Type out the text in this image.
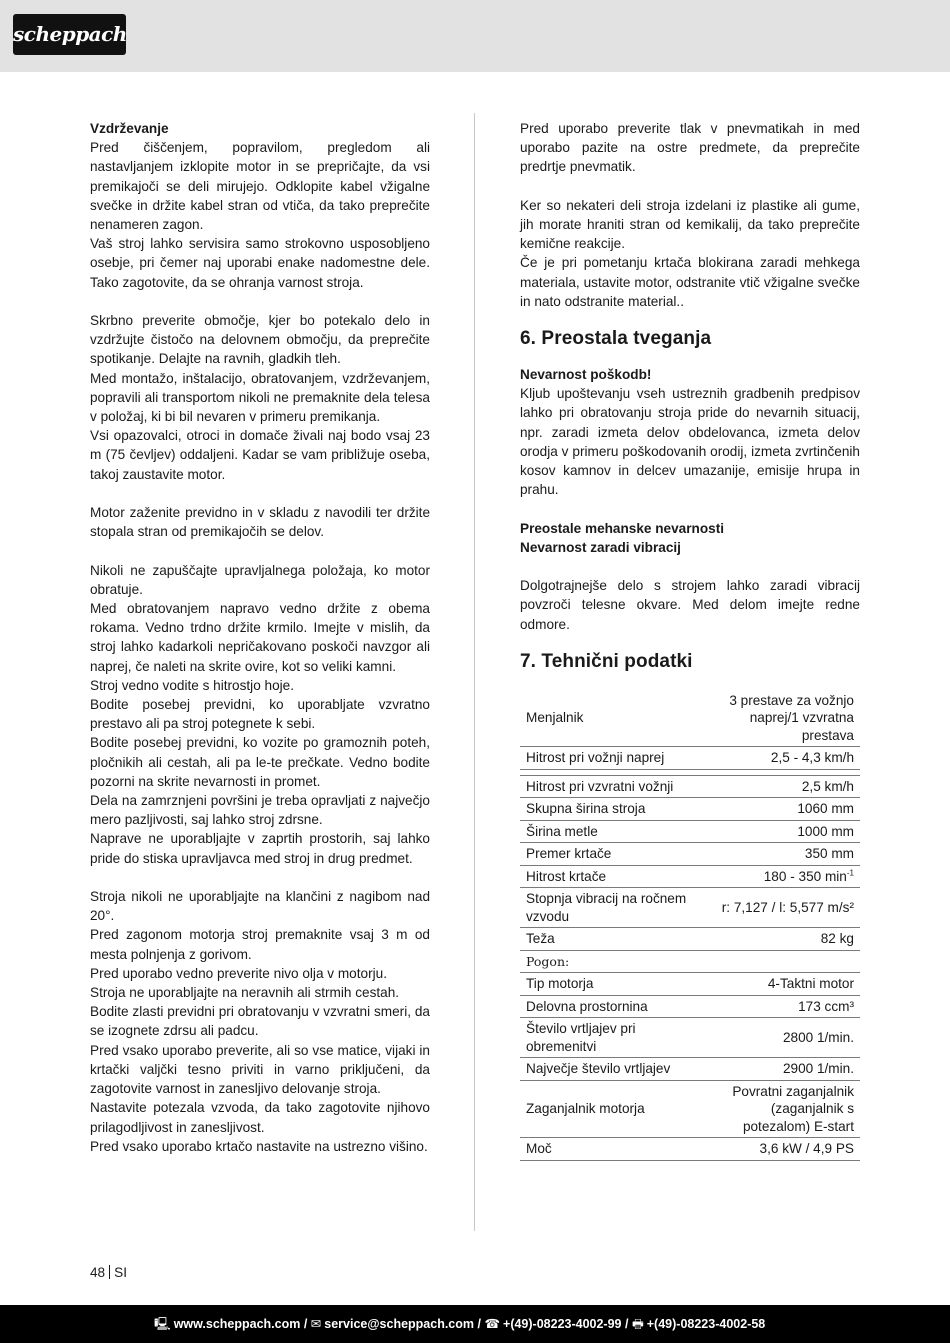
scheppach

Vzdrževanje

Pred čiščenjem, popravilom, pregledom ali nastavljanjem izklopite motor in se prepričajte, da vsi premikajoči se deli mirujejo. Odklopite kabel vžigalne svečke in držite kabel stran od vtiča, da tako preprečite nenameren zagon.

Vaš stroj lahko servisira samo strokovno usposobljeno osebje, pri čemer naj uporabi enake nadomestne dele. Tako zagotovite, da se ohranja varnost stroja.

Skrbno preverite območje, kjer bo potekalo delo in vzdržujte čistočo na delovnem območju, da preprečite spotikanje. Delajte na ravnih, gladkih tleh.

Med montažo, inštalacijo, obratovanjem, vzdrževanjem, popravili ali transportom nikoli ne premaknite dela telesa v položaj, ki bi bil nevaren v primeru premikanja.

Vsi opazovalci, otroci in domače živali naj bodo vsaj 23 m (75 čevljev) oddaljeni. Kadar se vam približuje oseba, takoj zaustavite motor.

Motor zaženite previdno in v skladu z navodili ter držite stopala stran od premikajočih se delov.

Nikoli ne zapuščajte upravljalnega položaja, ko motor obratuje.

Med obratovanjem napravo vedno držite z obema rokama. Vedno trdno držite krmilo. Imejte v mislih, da stroj lahko kadarkoli nepričakovano poskoči navzgor ali naprej, če naleti na skrite ovire, kot so veliki kamni.

Stroj vedno vodite s hitrostjo hoje.

Bodite posebej previdni, ko uporabljate vzvratno prestavo ali pa stroj potegnete k sebi.

Bodite posebej previdni, ko vozite po gramoznih poteh, pločnikih ali cestah, ali pa le-te prečkate. Vedno bodite pozorni na skrite nevarnosti in promet.

Dela na zamrznjeni površini je treba opravljati z največjo mero pazljivosti, saj lahko stroj zdrsne.

Naprave ne uporabljajte v zaprtih prostorih, saj lahko pride do stiska upravljavca med stroj in drug predmet.

Stroja nikoli ne uporabljajte na klančini z nagibom nad 20°.

Pred zagonom motorja stroj premaknite vsaj 3 m od mesta polnjenja z gorivom.

Pred uporabo vedno preverite nivo olja v motorju.

Stroja ne uporabljajte na neravnih ali strmih cestah.

Bodite zlasti previdni pri obratovanju v vzvratni smeri, da se izognete zdrsu ali padcu.

Pred vsako uporabo preverite, ali so vse matice, vijaki in krtački valjčki tesno priviti in varno priključeni, da zagotovite varnost in zanesljivo delovanje stroja.

Nastavite potezala vzvoda, da tako zagotovite njihovo prilagodljivost in zanesljivost.

Pred vsako uporabo krtačo nastavite na ustrezno višino.

Pred uporabo preverite tlak v pnevmatikah in med uporabo pazite na ostre predmete, da preprečite predrtje pnevmatik.

Ker so nekateri deli stroja izdelani iz plastike ali gume, jih morate hraniti stran od kemikalij, da tako preprečite kemične reakcije.

Če je pri pometanju krtača blokirana zaradi mehkega materiala, ustavite motor, odstranite vtič vžigalne svečke in nato odstranite material..

6. Preostala tveganja

Nevarnost poškodb!

Kljub upoštevanju vseh ustreznih gradbenih predpisov lahko pri obratovanju stroja pride do nevarnih situacij, npr. zaradi izmeta delov obdelovanca, izmeta delov orodja v primeru poškodovanih orodij, izmeta zvrtinčenih kosov kamnov in delcev umazanije, emisije hrupa in prahu.

Preostale mehanske nevarnosti

Nevarnost zaradi vibracij

Dolgotrajnejše delo s strojem lahko zaradi vibracij povzroči telesne okvare. Med delom imejte redne odmore.

7. Tehnični podatki
Menjalnik	3 prestave za vožnjo naprej/1 vzvratna prestava
Hitrost pri vožnji naprej	2,5 - 4,3 km/h

Hitrost pri vzvratni vožnji	2,5 km/h
Skupna širina stroja	1060 mm
Širina metle	1000 mm
Premer krtače	350 mm
Hitrost krtače	180 - 350 $\min^{-1}$
Stopnja vibracij na ročnem vzvodu	r: 7,127 / l: 5,577 m/s²
Teža	82 kg
Pogon:	
Tip motorja	4-Taktni motor
Delovna prostornina	173 ccm³
Število vrtljajev pri obremenitvi	2800 1/min.
Največje število vrtljajev	2900 1/min.
Zaganjalnik motorja	Povratni zaganjalnik (zaganjalnik s potezalom) E-start
Moč	3,6 kW / 4,9 PS
48 SI
🖳 www.scheppach.com / ✉ service@scheppach.com / ☎ +(49)-08223-4002-99 / 🖶 +(49)-08223-4002-58
